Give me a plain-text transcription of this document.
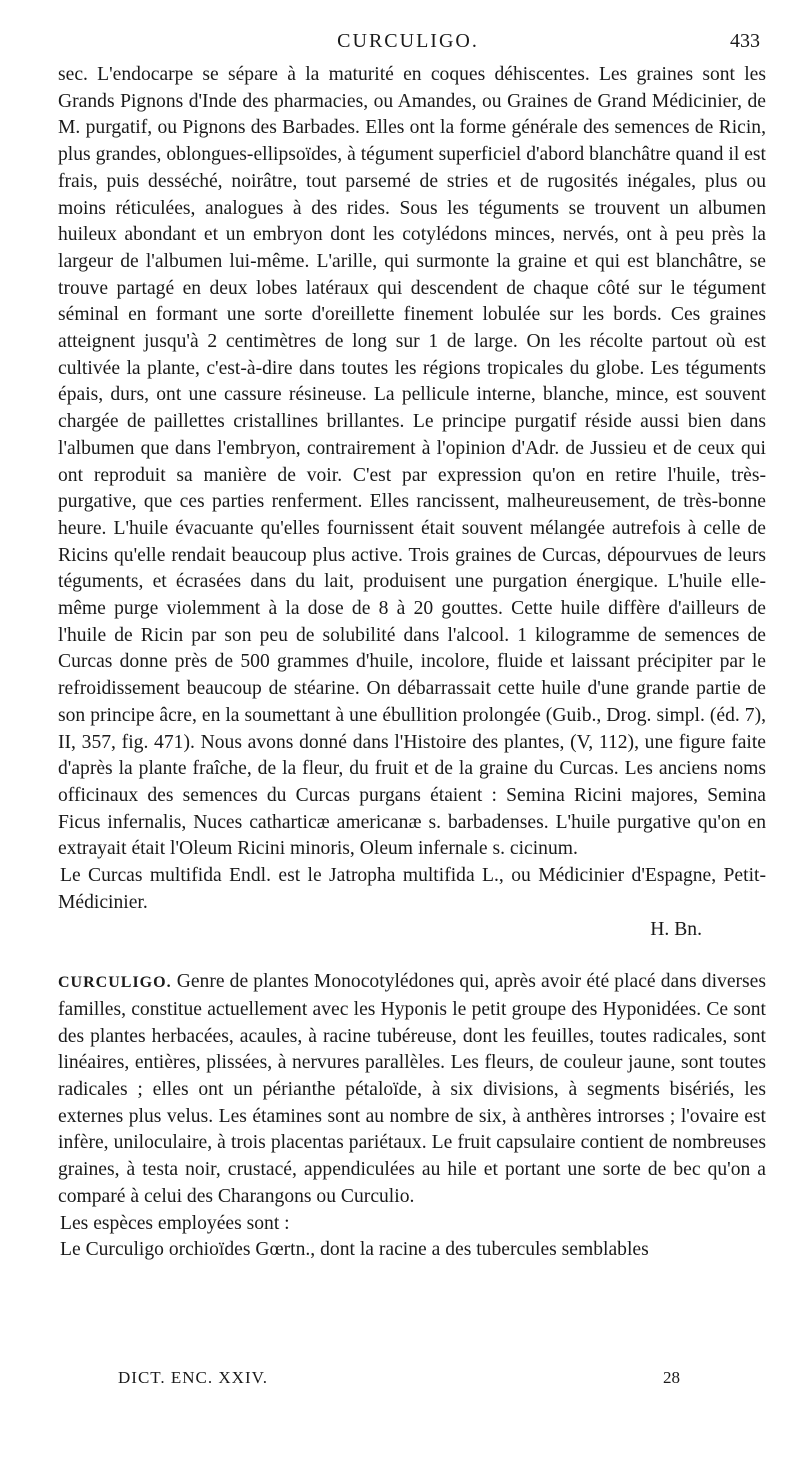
CURCULIGO.	433

sec. L'endocarpe se sépare à la maturité en coques déhiscentes. Les graines sont les Grands Pignons d'Inde des pharmacies, ou Amandes, ou Graines de Grand Médicinier, de M. purgatif, ou Pignons des Barbades. Elles ont la forme générale des semences de Ricin, plus grandes, oblongues-ellipsoïdes, à tégument superficiel d'abord blanchâtre quand il est frais, puis desséché, noirâtre, tout parsemé de stries et de rugosités inégales, plus ou moins réticulées, analogues à des rides. Sous les téguments se trouvent un albumen huileux abondant et un embryon dont les cotylédons minces, nervés, ont à peu près la largeur de l'albumen lui-même. L'arille, qui surmonte la graine et qui est blanchâtre, se trouve partagé en deux lobes latéraux qui descendent de chaque côté sur le tégument séminal en formant une sorte d'oreillette finement lobulée sur les bords. Ces graines atteignent jusqu'à 2 centimètres de long sur 1 de large. On les récolte partout où est cultivée la plante, c'est-à-dire dans toutes les régions tropicales du globe. Les téguments épais, durs, ont une cassure résineuse. La pellicule interne, blanche, mince, est souvent chargée de paillettes cristallines brillantes. Le principe purgatif réside aussi bien dans l'albumen que dans l'embryon, contrairement à l'opinion d'Adr. de Jussieu et de ceux qui ont reproduit sa manière de voir. C'est par expression qu'on en retire l'huile, très-purgative, que ces parties renferment. Elles rancissent, malheureusement, de très-bonne heure. L'huile évacuante qu'elles fournissent était souvent mélangée autrefois à celle de Ricins qu'elle rendait beaucoup plus active. Trois graines de Curcas, dépourvues de leurs téguments, et écrasées dans du lait, produisent une purgation énergique. L'huile elle-même purge violemment à la dose de 8 à 20 gouttes. Cette huile diffère d'ailleurs de l'huile de Ricin par son peu de solubilité dans l'alcool. 1 kilogramme de semences de Curcas donne près de 500 grammes d'huile, incolore, fluide et laissant précipiter par le refroidissement beaucoup de stéarine. On débarrassait cette huile d'une grande partie de son principe âcre, en la soumettant à une ébullition prolongée (Guib., Drog. simpl. (éd. 7), II, 357, fig. 471). Nous avons donné dans l'Histoire des plantes, (V, 112), une figure faite d'après la plante fraîche, de la fleur, du fruit et de la graine du Curcas. Les anciens noms officinaux des semences du Curcas purgans étaient : Semina Ricini majores, Semina Ficus infernalis, Nuces catharticæ americanæ s. barbadenses. L'huile purgative qu'on en extrayait était l'Oleum Ricini minoris, Oleum infernale s. cicinum.

Le Curcas multifida Endl. est le Jatropha multifida L., ou Médicinier d'Espagne, Petit-Médicinier.

H. Bn.

CURCULIGO. Genre de plantes Monocotylédones qui, après avoir été placé dans diverses familles, constitue actuellement avec les Hyponis le petit groupe des Hyponidées. Ce sont des plantes herbacées, acaules, à racine tubéreuse, dont les feuilles, toutes radicales, sont linéaires, entières, plissées, à nervures parallèles. Les fleurs, de couleur jaune, sont toutes radicales ; elles ont un périanthe pétaloïde, à six divisions, à segments bisériés, les externes plus velus. Les étamines sont au nombre de six, à anthères introrses ; l'ovaire est infère, uniloculaire, à trois placentas pariétaux. Le fruit capsulaire contient de nombreuses graines, à testa noir, crustacé, appendiculées au hile et portant une sorte de bec qu'on a comparé à celui des Charangons ou Curculio.

Les espèces employées sont :

Le Curculigo orchioïdes Gœrtn., dont la racine a des tubercules semblables

DICT. ENC. XXIV.	28
